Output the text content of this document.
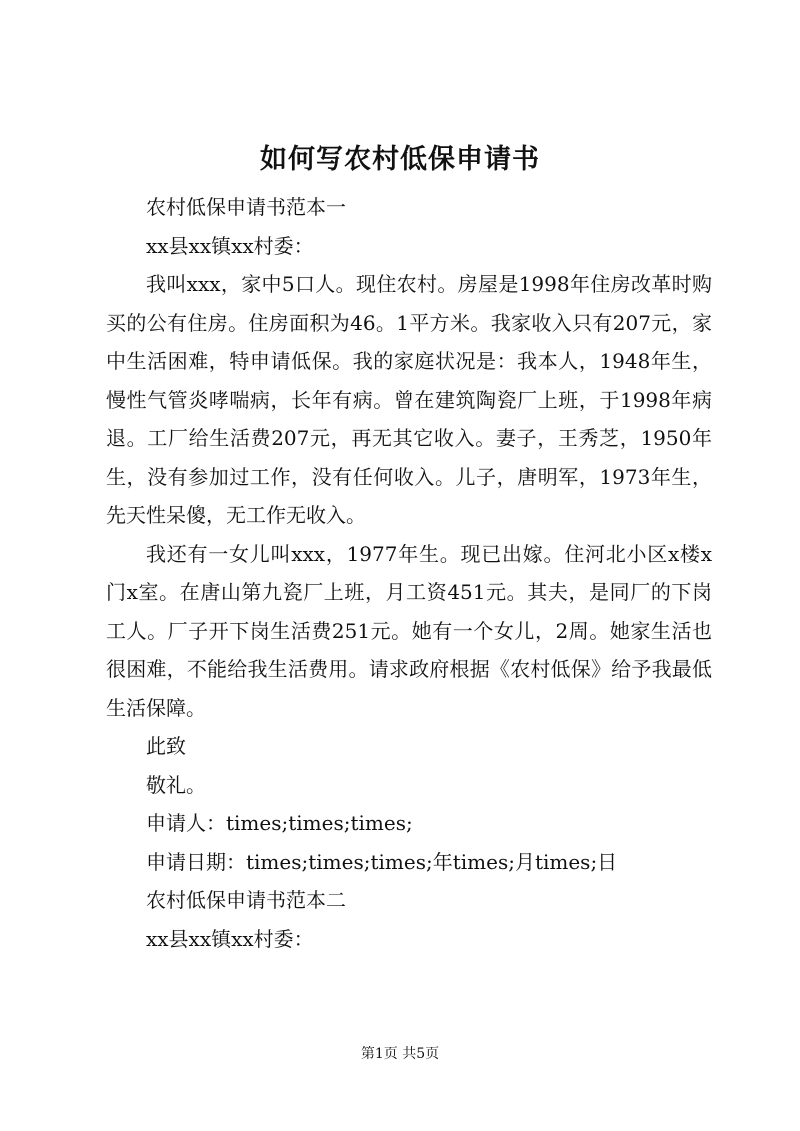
如何写农村低保申请书

农村低保申请书范本一

xx县xx镇xx村委：

我叫xxx，家中5口人。现住农村。房屋是1998年住房改革时购买的公有住房。住房面积为46。1平方米。我家收入只有207元，家中生活困难，特申请低保。我的家庭状况是：我本人，1948年生，慢性气管炎哮喘病，长年有病。曾在建筑陶瓷厂上班，于1998年病退。工厂给生活费207元，再无其它收入。妻子，王秀芝，1950年生，没有参加过工作，没有任何收入。儿子，唐明军，1973年生，先天性呆傻，无工作无收入。

我还有一女儿叫xxx，1977年生。现已出嫁。住河北小区x楼x门x室。在唐山第九瓷厂上班，月工资451元。其夫，是同厂的下岗工人。厂子开下岗生活费251元。她有一个女儿，2周。她家生活也很困难，不能给我生活费用。请求政府根据《农村低保》给予我最低生活保障。

此致

敬礼。

申请人：times;times;times;

申请日期：times;times;times;年times;月times;日

农村低保申请书范本二

xx县xx镇xx村委：

第1页 共5页
